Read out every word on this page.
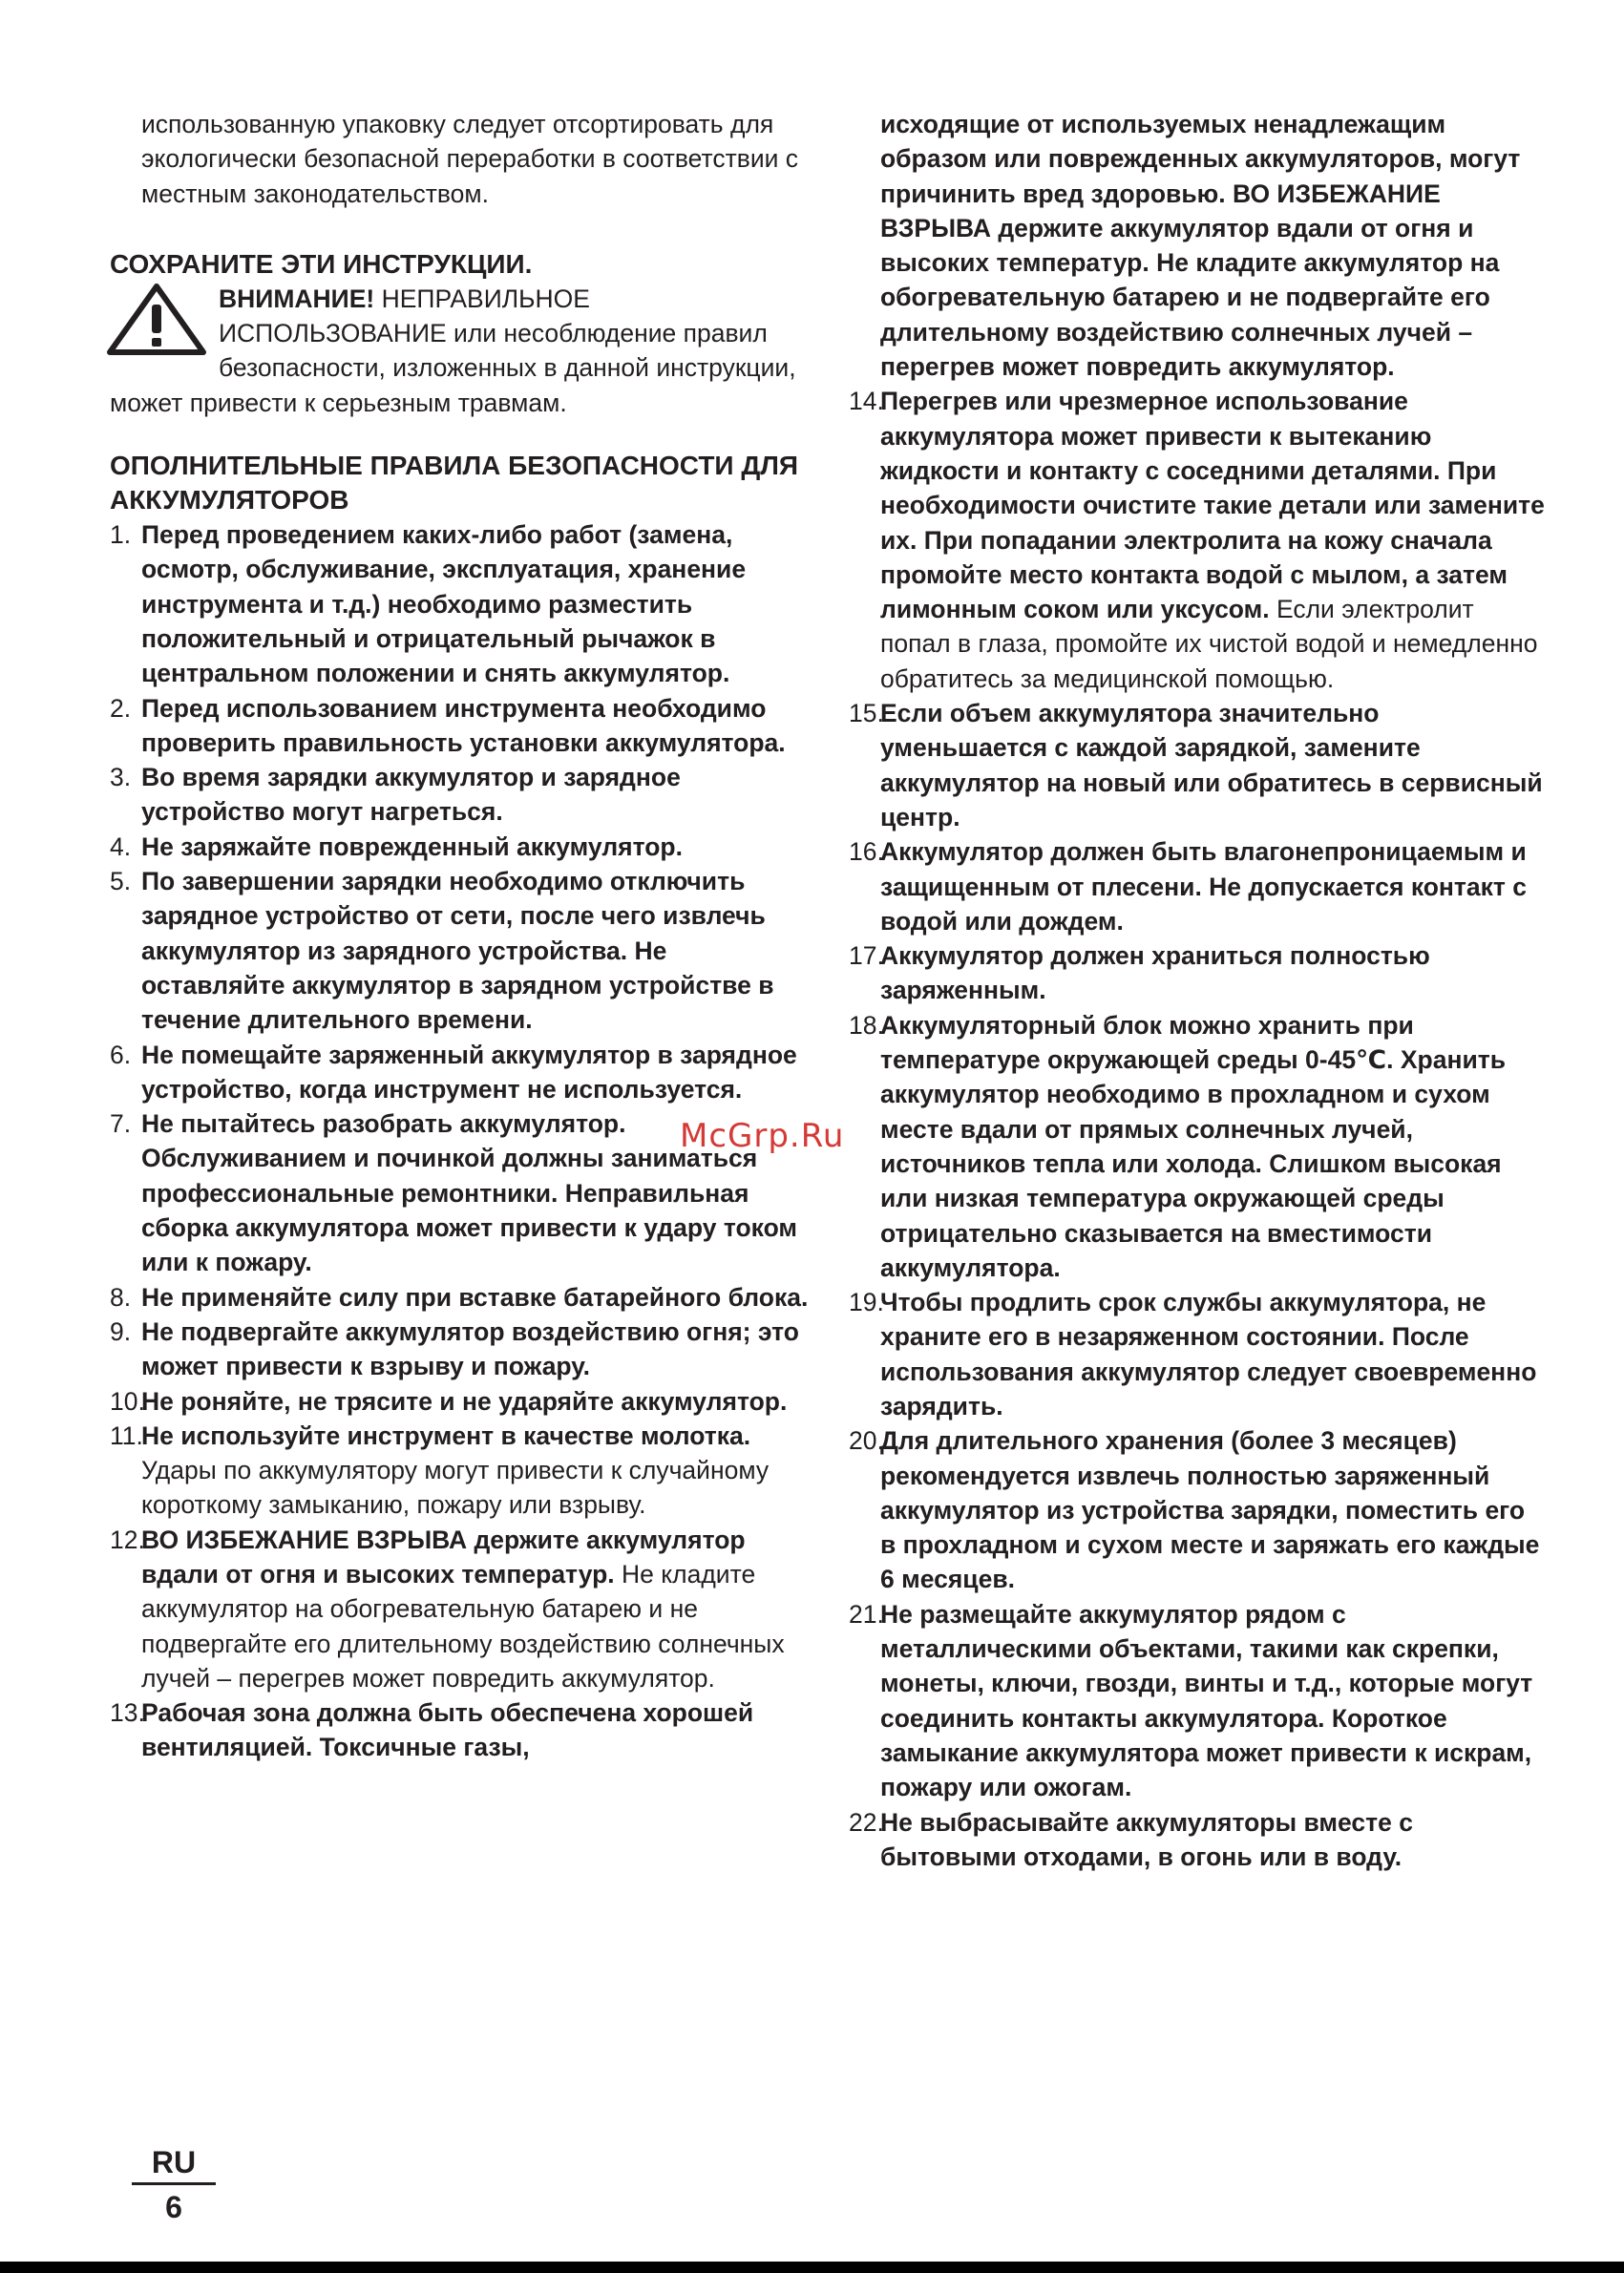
использованную упаковку следует отсортировать для экологически безопасной переработки в соответствии с местным законодательством.

СОХРАНИТЕ ЭТИ ИНСТРУКЦИИ.

ВНИМАНИЕ! НЕПРАВИЛЬНОЕ ИСПОЛЬЗОВАНИЕ или несоблюдение правил безопасности, изложенных в данной инструкции, может привести к серьезным травмам.

ОПОЛНИТЕЛЬНЫЕ ПРАВИЛА БЕЗОПАСНОСТИ ДЛЯ АККУМУЛЯТОРОВ

1. Перед проведением каких-либо работ (замена, осмотр, обслуживание, эксплуатация, хранение инструмента и т.д.) необходимо разместить положительный и отрицательный рычажок в центральном положении и снять аккумулятор.

2. Перед использованием инструмента необходимо проверить правильность установки аккумулятора.

3. Во время зарядки аккумулятор и зарядное устройство могут нагреться.

4. Не заряжайте поврежденный аккумулятор.

5. По завершении зарядки необходимо отключить зарядное устройство от сети, после чего извлечь аккумулятор из зарядного устройства. Не оставляйте аккумулятор в зарядном устройстве в течение длительного времени.

6. Не помещайте заряженный аккумулятор в зарядное устройство, когда инструмент не используется.

7. Не пытайтесь разобрать аккумулятор. Обслуживанием и починкой должны заниматься профессиональные ремонтники. Неправильная сборка аккумулятора может привести к удару током или к пожару.

8. Не применяйте силу при вставке батарейного блока.

9. Не подвергайте аккумулятор воздействию огня; это может привести к взрыву и пожару.

10.
Не роняйте, не трясите и не ударяйте аккумулятор.

11.
Не используйте инструмент в качестве молотка. Удары по аккумулятору могут привести к случайному короткому замыканию, пожару или взрыву.

12.
ВО ИЗБЕЖАНИЕ ВЗРЫВА держите аккумулятор вдали от огня и высоких температур. Не кладите аккумулятор на обогревательную батарею и не подвергайте его длительному воздействию солнечных лучей – перегрев может повредить аккумулятор.

13.
Рабочая зона должна быть обеспечена хорошей вентиляцией. Токсичные газы,

исходящие от используемых ненадлежащим образом или поврежденных аккумуляторов, могут причинить вред здоровью. ВО ИЗБЕЖАНИЕ ВЗРЫВА держите аккумулятор вдали от огня и высоких температур. Не кладите аккумулятор на обогревательную батарею и не подвергайте его длительному воздействию солнечных лучей – перегрев может повредить аккумулятор.

14.
Перегрев или чрезмерное использование аккумулятора может привести к вытеканию жидкости и контакту с соседними деталями. При необходимости очистите такие детали или замените их. При попадании электролита на кожу сначала промойте место контакта водой с мылом, а затем лимонным соком или уксусом. Если электролит попал в глаза, промойте их чистой водой и немедленно обратитесь за медицинской помощью.

15.
Если объем аккумулятора значительно уменьшается с каждой зарядкой, замените аккумулятор на новый или обратитесь в сервисный центр.

16.
Аккумулятор должен быть влагонепроницаемым и защищенным от плесени. Не допускается контакт с водой или дождем.

17.
Аккумулятор должен храниться полностью заряженным.

18.
Аккумуляторный блок можно хранить при температуре окружающей среды 0-45℃. Хранить аккумулятор необходимо в прохладном и сухом месте вдали от прямых солнечных лучей, источников тепла или холода. Слишком высокая или низкая температура окружающей среды отрицательно сказывается на вместимости аккумулятора.

19.
Чтобы продлить срок службы аккумулятора, не храните его в незаряженном состоянии. После использования аккумулятор следует своевременно зарядить.

20.
Для длительного хранения (более 3 месяцев) рекомендуется извлечь полностью заряженный аккумулятор из устройства зарядки, поместить его в прохладном и сухом месте и заряжать его каждые 6 месяцев.

21.
Не размещайте аккумулятор рядом с металлическими объектами, такими как скрепки, монеты, ключи, гвозди, винты и т.д., которые могут соединить контакты аккумулятора. Короткое замыкание аккумулятора может привести к искрам, пожару или ожогам.

22.
Не выбрасывайте аккумуляторы вместе с бытовыми отходами, в огонь или в воду.

McGrp.Ru
RU
6
